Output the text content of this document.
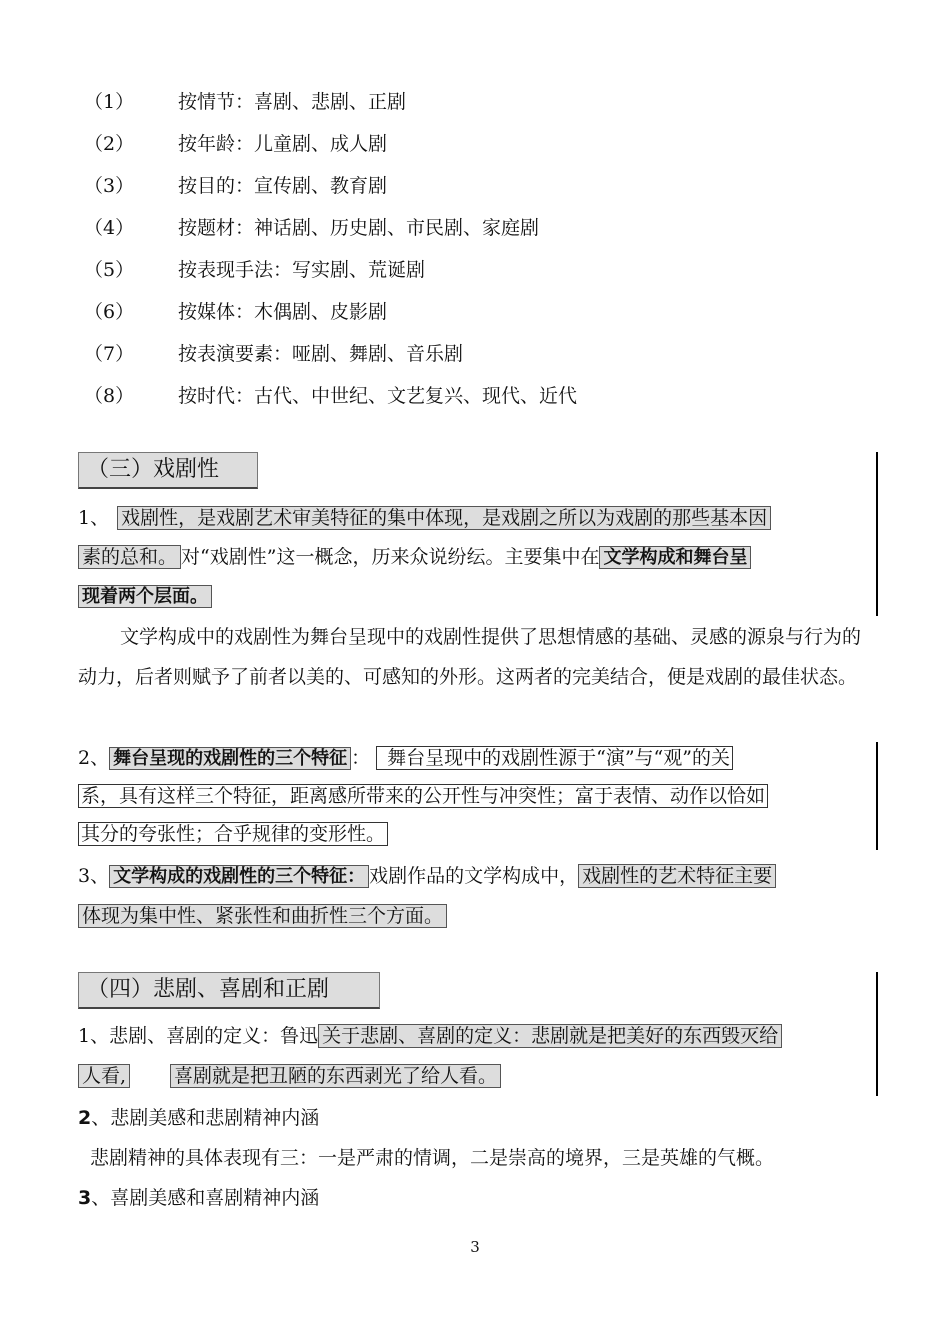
（1） 按情节：喜剧、悲剧、正剧
（2） 按年龄：儿童剧、成人剧
（3） 按目的：宣传剧、教育剧
（4） 按题材：神话剧、历史剧、市民剧、家庭剧
（5） 按表现手法：写实剧、荒诞剧
（6） 按媒体：木偶剧、皮影剧
（7） 按表演要素：哑剧、舞剧、音乐剧
（8） 按时代：古代、中世纪、文艺复兴、现代、近代
（三）戏剧性
1、 戏剧性，是戏剧艺术审美特征的集中体现，是戏剧之所以为戏剧的那些基本因
素的总和。 对“戏剧性”这一概念，历来众说纷纭。主要集中在 文学构成和舞台呈
现着两个层面。
文学构成中的戏剧性为舞台呈现中的戏剧性提供了思想情感的基础、灵感的源泉与行为的动力，后者则赋予了前者以美的、可感知的外形。这两者的完美结合，便是戏剧的最佳状态。
2、 舞台呈现的戏剧性的三个特征 ： 舞台呈现中的戏剧性源于“演”与“观”的关
系，具有这样三个特征，距离感所带来的公开性与冲突性；富于表情、动作以恰如
其分的夸张性；合乎规律的变形性。
3、 文学构成的戏剧性的三个特征： 戏剧作品的文学构成中， 戏剧性的艺术特征主要
体现为集中性、紧张性和曲折性三个方面。
（四）悲剧、喜剧和正剧
1、悲剧、喜剧的定义：鲁迅 关于悲剧、喜剧的定义：悲剧就是把美好的东西毁灭给
人看,	喜剧就是把丑陋的东西剥光了给人看。
2、悲剧美感和悲剧精神内涵
悲剧精神的具体表现有三：一是严肃的情调，二是崇高的境界，三是英雄的气概。
3、喜剧美感和喜剧精神内涵
3
